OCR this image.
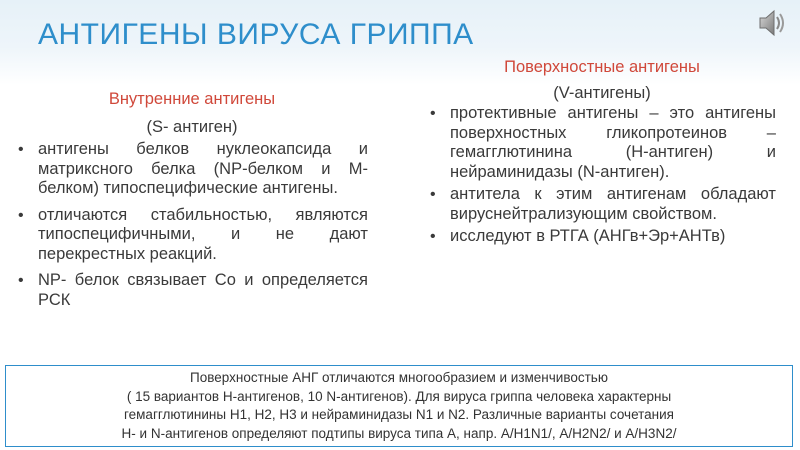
АНТИГЕНЫ ВИРУСА ГРИППА
Внутренние антигены
(S- антиген)
• антигены белков нуклеокапсида и матриксного белка (NP-белком и М-белком) типоспецифические антигены.
• отличаются стабильностью, являются типоспецифичными, и не дают перекрестных реакций.
• NP- белок связывает Со и определяется РСК
Поверхностные антигены
(V-антигены)
• протективные антигены – это антигены поверхностных гликопротеинов – гемагглютинина (Н-антиген) и нейраминидазы (N-антиген).
• антитела к этим антигенам обладают вируснейтрализующим свойством.
• исследуют в РТГА (АНГв+Эр+АНТв)
Поверхностные АНГ отличаются многообразием и изменчивостью
( 15 вариантов Н-антигенов, 10 N-антигенов). Для вируса гриппа человека характерны
гемагглютинины Н1, Н2, Н3 и нейраминидазы N1 и N2. Различные варианты сочетания
Н- и N-антигенов определяют подтипы вируса типа А, напр. А/Н1N1/, А/Н2N2/ и А/Н3N2/
